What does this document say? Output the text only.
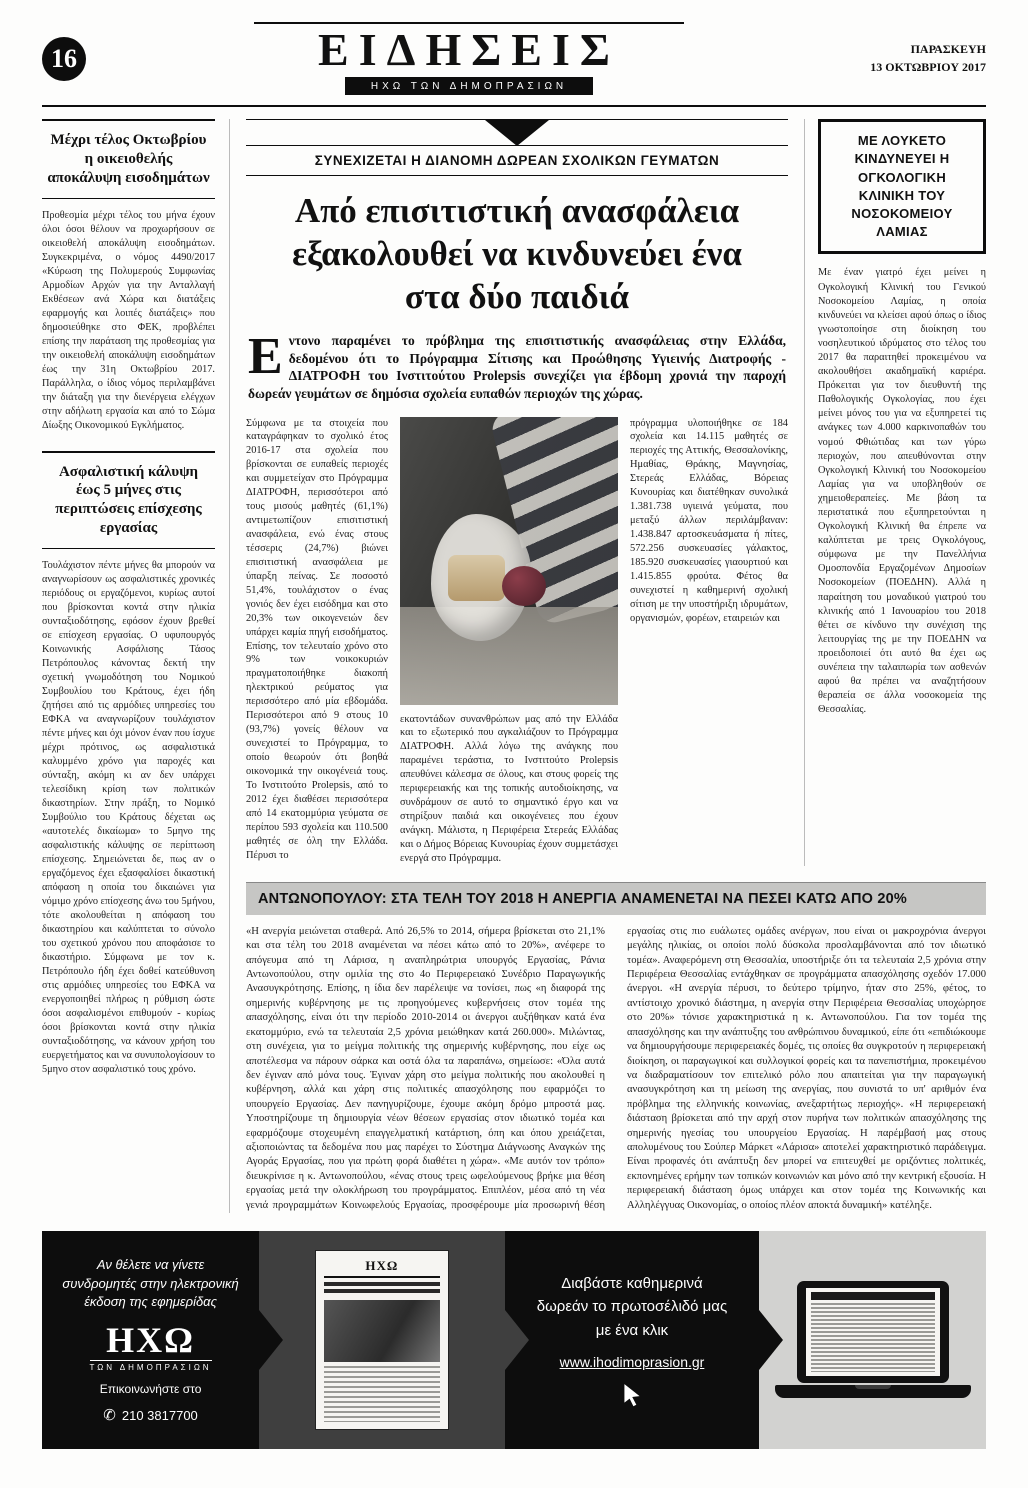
16	ΕΙΔΗΣΕΙΣ
ΗΧΩ ΤΩΝ ΔΗΜΟΠΡΑΣΙΩΝ
ΠΑΡΑΣΚΕΥΗ
13 ΟΚΤΩΒΡΙΟΥ 2017
Μέχρι τέλος Οκτωβρίου η οικειοθελής αποκάλυψη εισοδημάτων

Προθεσμία μέχρι τέλος του μήνα έχουν όλοι όσοι θέλουν να προχωρήσουν σε οικειοθελή αποκάλυψη εισοδημάτων. Συγκεκριμένα, ο νόμος 4490/2017 «Κύρωση της Πολυμερούς Συμφωνίας Αρμοδίων Αρχών για την Ανταλλαγή Εκθέσεων ανά Χώρα και διατάξεις εφαρμογής και λοιπές διατάξεις» που δημοσιεύθηκε στο ΦΕΚ, προβλέπει επίσης την παράταση της προθεσμίας για την οικειοθελή αποκάλυψη εισοδημάτων έως την 31η Οκτωβρίου 2017. Παράλληλα, ο ίδιος νόμος περιλαμβάνει την διάταξη για την διενέργεια ελέγχων στην αδήλωτη εργασία και από το Σώμα Δίωξης Οικονομικού Εγκλήματος.

Ασφαλιστική κάλυψη έως 5 μήνες στις περιπτώσεις επίσχεσης εργασίας

Τουλάχιστον πέντε μήνες θα μπορούν να αναγνωρίσουν ως ασφαλιστικές χρονικές περιόδους οι εργαζόμενοι, κυρίως αυτοί που βρίσκονται κοντά στην ηλικία συνταξιοδότησης, εφόσον έχουν βρεθεί σε επίσχεση εργασίας. Ο υφυπουργός Κοινωνικής Ασφάλισης Τάσος Πετρόπουλος κάνοντας δεκτή την σχετική γνωμοδότηση του Νομικού Συμβουλίου του Κράτους, έχει ήδη ζητήσει από τις αρμόδιες υπηρεσίες του ΕΦΚΑ να αναγνωρίζουν τουλάχιστον πέντε μήνες και όχι μόνον έναν που ίσχυε μέχρι πρότινος, ως ασφαλιστικά καλυμμένο χρόνο για παροχές και σύνταξη, ακόμη κι αν δεν υπάρχει τελεσίδικη κρίση των πολιτικών δικαστηρίων. Στην πράξη, το Νομικό Συμβούλιο του Κράτους δέχεται ως «αυτοτελές δικαίωμα» το 5μηνο της ασφαλιστικής κάλυψης σε περίπτωση επίσχεσης. Σημειώνεται δε, πως αν ο εργαζόμενος έχει εξασφαλίσει δικαστική απόφαση η οποία του δικαιώνει για νόμιμο χρόνο επίσχεσης άνω του 5μήνου, τότε ακολουθείται η απόφαση του δικαστηρίου και καλύπτεται το σύνολο του σχετικού χρόνου που αποφάσισε το δικαστήριο. Σύμφωνα με τον κ. Πετρόπουλο ήδη έχει δοθεί κατεύθυνση στις αρμόδιες υπηρεσίες του ΕΦΚΑ να ενεργοποιηθεί πλήρως η ρύθμιση ώστε όσοι ασφαλισμένοι επιθυμούν - κυρίως όσοι βρίσκονται κοντά στην ηλικία συνταξιοδότησης, να κάνουν χρήση του ευεργετήματος και να συνυπολογίσουν το 5μηνο στον ασφαλιστικό τους χρόνο.

ΣΥΝΕΧΙΖΕΤΑΙ Η ΔΙΑΝΟΜΗ ΔΩΡΕΑΝ ΣΧΟΛΙΚΩΝ ΓΕΥΜΑΤΩΝ
Από επισιτιστική ανασφάλεια εξακολουθεί να κινδυνεύει ένα στα δύο παιδιά

Εντονο παραμένει το πρόβλημα της επισιτιστικής ανασφάλειας στην Ελλάδα, δεδομένου ότι το Πρόγραμμα Σίτισης και Προώθησης Υγιεινής Διατροφής - ΔΙΑΤΡΟΦΗ του Ινστιτούτου Prolepsis συνεχίζει για έβδομη χρονιά την παροχή δωρεάν γευμάτων σε δημόσια σχολεία ευπαθών περιοχών της χώρας.

Σύμφωνα με τα στοιχεία που καταγράφηκαν το σχολικό έτος 2016-17 στα σχολεία που βρίσκονται σε ευπαθείς περιοχές και συμμετείχαν στο Πρόγραμμα ΔΙΑΤΡΟΦΗ, περισσότεροι από τους μισούς μαθητές (61,1%) αντιμετωπίζουν επισιτιστική ανασφάλεια, ενώ ένας στους τέσσερις (24,7%) βιώνει επισιτιστική ανασφάλεια με ύπαρξη πείνας. Σε ποσοστό 51,4%, τουλάχιστον ο ένας γονιός δεν έχει εισόδημα και στο 20,3% των οικογενειών δεν υπάρχει καμία πηγή εισοδήματος. Επίσης, τον τελευταίο χρόνο στο 9% των νοικοκυριών πραγματοποιήθηκε διακοπή ηλεκτρικού ρεύματος για περισσότερο από μία εβδομάδα. Περισσότεροι από 9 στους 10 (93,7%) γονείς θέλουν να συνεχιστεί το Πρόγραμμα, το οποίο θεωρούν ότι βοηθά οικονομικά την οικογένειά τους. Το Ινστιτούτο Prolepsis, από το 2012 έχει διαθέσει περισσότερα από 14 εκατομμύρια γεύματα σε περίπου 593 σχολεία και 110.500 μαθητές σε όλη την Ελλάδα. Πέρυσι το
εκατοντάδων συνανθρώπων μας από την Ελλάδα και το εξωτερικό που αγκαλιάζουν το Πρόγραμμα ΔΙΑΤΡΟΦΗ. Αλλά λόγω της ανάγκης που παραμένει τεράστια, το Ινστιτούτο Prolepsis απευθύνει κάλεσμα σε όλους, και στους φορείς της περιφερειακής και της τοπικής αυτοδιοίκησης, να συνδράμουν σε αυτό το σημαντικό έργο και να στηρίξουν παιδιά και οικογένειες που έχουν ανάγκη. Μάλιστα, η Περιφέρεια Στερεάς Ελλάδας και ο Δήμος Βόρειας Κυνουρίας έχουν συμμετάσχει ενεργά στο Πρόγραμμα.
πρόγραμμα υλοποιήθηκε σε 184 σχολεία και 14.115 μαθητές σε περιοχές της Αττικής, Θεσσαλονίκης, Ημαθίας, Θράκης, Μαγνησίας, Στερεάς Ελλάδας, Βόρειας Κυνουρίας και διατέθηκαν συνολικά 1.381.738 υγιεινά γεύματα, που μεταξύ άλλων περιλάμβαναν: 1.438.847 αρτοσκευάσματα ή πίτες, 572.256 συσκευασίες γάλακτος, 185.920 συσκευασίες γιαουρτιού και 1.415.855 φρούτα. Φέτος θα συνεχιστεί η καθημερινή σχολική σίτιση με την υποστήριξη ιδρυμάτων, οργανισμών, φορέων, εταιρειών και
ΜΕ ΛΟΥΚΕΤΟ ΚΙΝΔΥΝΕΥΕΙ Η ΟΓΚΟΛΟΓΙΚΗ ΚΛΙΝΙΚΗ ΤΟΥ ΝΟΣΟΚΟΜΕΙΟΥ ΛΑΜΙΑΣ

Με έναν γιατρό έχει μείνει η Ογκολογική Κλινική του Γενικού Νοσοκομείου Λαμίας, η οποία κινδυνεύει να κλείσει αφού όπως ο ίδιος γνωστοποίησε στη διοίκηση του νοσηλευτικού ιδρύματος στο τέλος του 2017 θα παραιτηθεί προκειμένου να ακολουθήσει ακαδημαϊκή καριέρα. Πρόκειται για τον διευθυντή της Παθολογικής Ογκολογίας, που έχει μείνει μόνος του για να εξυπηρετεί τις ανάγκες των 4.000 καρκινοπαθών του νομού Φθιώτιδας και των γύρω περιοχών, που απευθύνονται στην Ογκολογική Κλινική του Νοσοκομείου Λαμίας για να υποβληθούν σε χημειοθεραπείες. Με βάση τα περιστατικά που εξυπηρετούνται η Ογκολογική Κλινική θα έπρεπε να καλύπτεται με τρεις Ογκολόγους, σύμφωνα με την Πανελλήνια Ομοσπονδία Εργαζομένων Δημοσίων Νοσοκομείων (ΠΟΕΔΗΝ). Αλλά η παραίτηση του μοναδικού γιατρού του κλινικής από 1 Ιανουαρίου του 2018 θέτει σε κίνδυνο την συνέχιση της λειτουργίας της με την ΠΟΕΔΗΝ να προειδοποιεί ότι αυτό θα έχει ως συνέπεια την ταλαιπωρία των ασθενών αφού θα πρέπει να αναζητήσουν θεραπεία σε άλλα νοσοκομεία της Θεσσαλίας.

ΑΝΤΩΝΟΠΟΥΛΟΥ: ΣΤΑ ΤΕΛΗ ΤΟΥ 2018 Η ΑΝΕΡΓΙΑ ΑΝΑΜΕΝΕΤΑΙ ΝΑ ΠΕΣΕΙ ΚΑΤΩ ΑΠΟ 20%
«Η ανεργία μειώνεται σταθερά. Από 26,5% το 2014, σήμερα βρίσκεται στο 21,1% και στα τέλη του 2018 αναμένεται να πέσει κάτω από το 20%», ανέφερε το απόγευμα από τη Λάρισα, η αναπληρώτρια υπουργός Εργασίας, Ράνια Αντωνοπούλου, στην ομιλία της στο 4ο Περιφερειακό Συνέδριο Παραγωγικής Ανασυγκρότησης. Επίσης, η ίδια δεν παρέλειψε να τονίσει, πως «η διαφορά της σημερινής κυβέρνησης με τις προηγούμενες κυβερνήσεις στον τομέα της απασχόλησης, είναι ότι την περίοδο 2010-2014 οι άνεργοι αυξήθηκαν κατά ένα εκατομμύριο, ενώ τα τελευταία 2,5 χρόνια μειώθηκαν κατά 260.000». Μιλώντας, στη συνέχεια, για το μείγμα πολιτικής της σημερινής κυβέρνησης, που είχε ως αποτέλεσμα να πάρουν σάρκα και οστά όλα τα παραπάνω, σημείωσε: «Όλα αυτά δεν έγιναν από μόνα τους. Έγιναν χάρη στο μείγμα πολιτικής που ακολουθεί η κυβέρνηση, αλλά και χάρη στις πολιτικές απασχόλησης που εφαρμόζει το υπουργείο Εργασίας. Δεν πανηγυρίζουμε, έχουμε ακόμη δρόμο μπροστά μας. Υποστηρίζουμε τη δημιουργία νέων θέσεων εργασίας στον ιδιωτικό τομέα και εφαρμόζουμε στοχευμένη επαγγελματική κατάρτιση, όπη και όπου χρειάζεται, αξιοποιώντας τα δεδομένα που μας παρέχει το Σύστημα Διάγνωσης Αναγκών της Αγοράς Εργασίας, που για πρώτη φορά διαθέτει η χώρα». «Με αυτόν τον τρόπο» διευκρίνισε η κ. Αντωνοπούλου, «ένας στους τρεις ωφελούμενους βρήκε μια θέση εργασίας μετά την ολοκλήρωση του προγράμματος. Επιπλέον, μέσα από τη νέα γενιά προγραμμάτων Κοινωφελούς Εργασίας, προσφέρουμε μία προσωρινή θέση εργασίας στις πιο ευάλωτες ομάδες ανέργων, που είναι οι μακροχρόνια άνεργοι μεγάλης ηλικίας, οι οποίοι πολύ δύσκολα προσλαμβάνονται από τον ιδιωτικό τομέα». Αναφερόμενη στη Θεσσαλία, υποστήριξε ότι τα τελευταία 2,5 χρόνια στην Περιφέρεια Θεσσαλίας εντάχθηκαν σε προγράμματα απασχόλησης σχεδόν 17.000 άνεργοι. «Η ανεργία πέρυσι, το δεύτερο τρίμηνο, ήταν στο 25%, φέτος, το αντίστοιχο χρονικό διάστημα, η ανεργία στην Περιφέρεια Θεσσαλίας υποχώρησε στο 20%» τόνισε χαρακτηριστικά η κ. Αντωνοπούλου. Για τον τομέα της απασχόλησης και την ανάπτυξης του ανθρώπινου δυναμικού, είπε ότι «επιδιώκουμε να δημιουργήσουμε περιφερειακές δομές, τις οποίες θα συγκροτούν η περιφερειακή διοίκηση, οι παραγωγικοί και συλλογικοί φορείς και τα πανεπιστήμια, προκειμένου να διαδραματίσουν τον επιτελικό ρόλο που απαιτείται για την παραγωγική ανασυγκρότηση και τη μείωση της ανεργίας, που συνιστά το υπ' αριθμόν ένα πρόβλημα της ελληνικής κοινωνίας, ανεξαρτήτως περιοχής». «Η περιφερειακή διάσταση βρίσκεται από την αρχή στον πυρήνα των πολιτικών απασχόλησης της σημερινής ηγεσίας του υπουργείου Εργασίας. Η παρέμβασή μας στους απολυμένους του Σούπερ Μάρκετ «Λάρισα» αποτελεί χαρακτηριστικό παράδειγμα. Είναι προφανές ότι ανάπτυξη δεν μπορεί να επιτευχθεί με οριζόντιες πολιτικές, εκπονημένες ερήμην των τοπικών κοινωνιών και μόνο από την κεντρική εξουσία. Η περιφερειακή διάσταση όμως υπάρχει και στον τομέα της Κοινωνικής και Αλληλέγγυας Οικονομίας, ο οποίος πλέον αποκτά δυναμική» κατέληξε.
Αν θέλετε να γίνετε συνδρομητές στην ηλεκτρονική έκδοση της εφημερίδας
ΗΧΩ
ΤΩΝ ΔΗΜΟΠΡΑΣΙΩΝ
Επικοινωνήστε στο
✆ 210 3817700
ΗΧΩ
Διαβάστε καθημερινά δωρεάν το πρωτοσέλιδό μας με ένα κλικ
www.ihodimoprasion.gr
